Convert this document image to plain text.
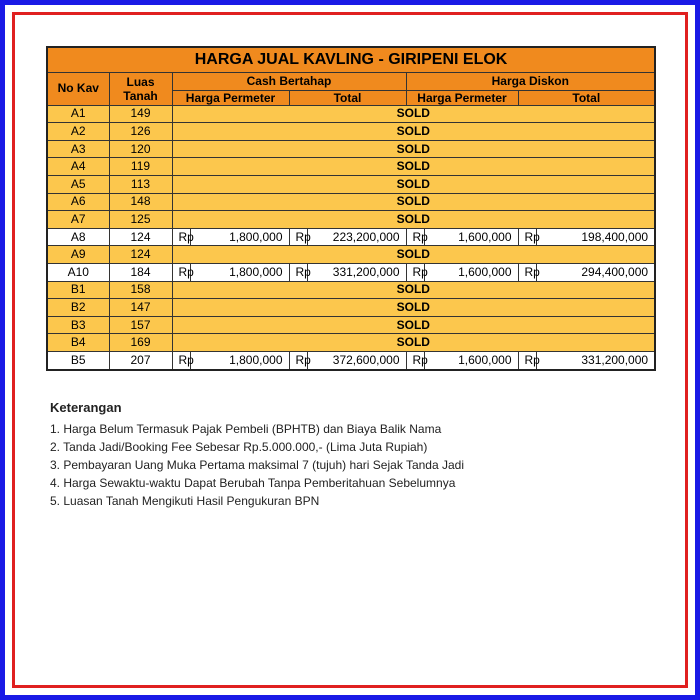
HARGA JUAL KAVLING - GIRIPENI ELOK									
No Kav	Luas Tanah	Cash Bertahap				Harga Diskon			
		Harga Permeter		Total		Harga Permeter		Total	
A1	149	SOLD							
A2	126	SOLD							
A3	120	SOLD							
A4	119	SOLD							
A5	113	SOLD							
A6	148	SOLD							
A7	125	SOLD							
A8	124	Rp	1,800,000	Rp	223,200,000	Rp	1,600,000	Rp	198,400,000
A9	124	SOLD							
A10	184	Rp	1,800,000	Rp	331,200,000	Rp	1,600,000	Rp	294,400,000
B1	158	SOLD							
B2	147	SOLD							
B3	157	SOLD							
B4	169	SOLD							
B5	207	Rp	1,800,000	Rp	372,600,000	Rp	1,600,000	Rp	331,200,000
Keterangan
1. Harga Belum Termasuk Pajak Pembeli (BPHTB) dan Biaya Balik Nama
2. Tanda Jadi/Booking Fee Sebesar Rp.5.000.000,- (Lima Juta Rupiah)
3. Pembayaran Uang Muka Pertama maksimal 7 (tujuh) hari Sejak Tanda Jadi
4. Harga Sewaktu-waktu Dapat Berubah Tanpa Pemberitahuan Sebelumnya
5. Luasan Tanah Mengikuti Hasil Pengukuran BPN
